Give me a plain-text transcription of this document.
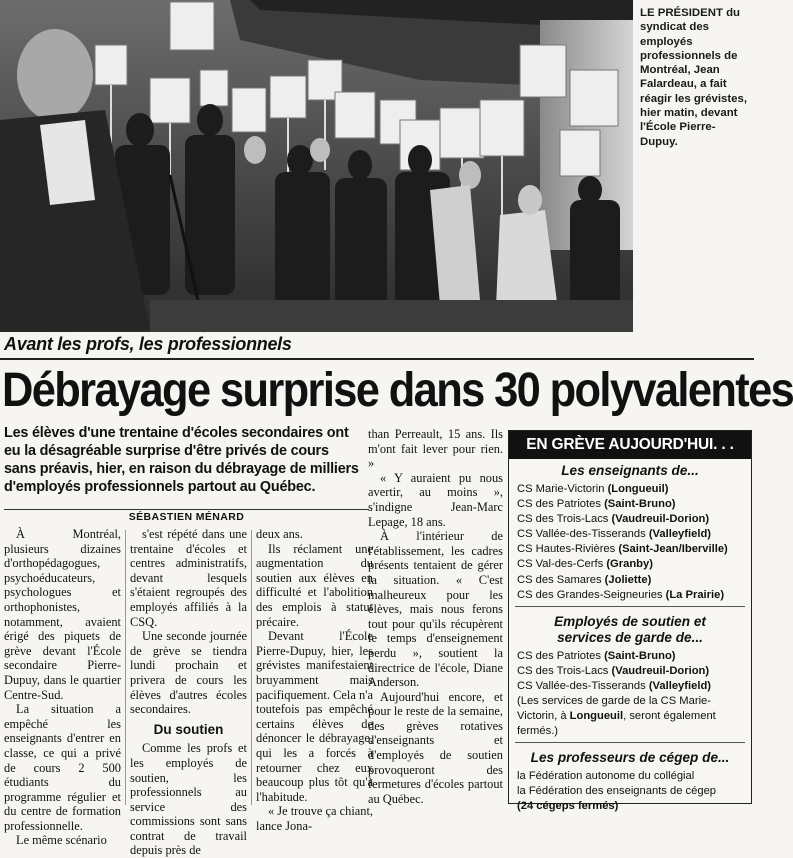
LE PRÉSIDENT du syndicat des employés professionnels de Montréal, Jean Falardeau, a fait réagir les grévistes, hier matin, devant l'École Pierre-Dupuy.
Avant les profs, les professionnels
Débrayage surprise dans 30 polyvalentes
Les élèves d'une trentaine d'écoles secondaires ont eu la désagréable surprise d'être privés de cours sans préavis, hier, en raison du débrayage de milliers d'employés professionnels partout au Québec.
SÉBASTIEN MÉNARD

À Montréal, plusieurs dizaines d'orthopédagogues, psychoéducateurs, psychologues et orthophonistes, notamment, avaient érigé des piquets de grève devant l'École secondaire Pierre-Dupuy, dans le quartier Centre-Sud.

La situation a empêché les enseignants d'entrer en classe, ce qui a privé de cours 2 500 étudiants du programme régulier et du centre de formation professionnelle.

Le même scénario

s'est répété dans une trentaine d'écoles et centres administratifs, devant lesquels s'étaient regroupés des employés affiliés à la CSQ.

Une seconde journée de grève se tiendra lundi prochain et privera de cours les élèves d'autres écoles secondaires.

Du soutien

Comme les profs et les employés de soutien, les professionnels au service des commissions sont sans contrat de travail depuis près de

deux ans.

Ils réclament une augmentation du soutien aux élèves en difficulté et l'abolition des emplois à statut précaire.

Devant l'École Pierre-Dupuy, hier, les grévistes manifestaient bruyamment mais pacifiquement. Cela n'a toutefois pas empêché certains élèves de dénoncer le débrayage, qui les a forcés à retourner chez eux beaucoup plus tôt qu'à l'habitude.

« Je trouve ça chiant, lance Jona-

than Perreault, 15 ans. Ils m'ont fait lever pour rien. »

« Y auraient pu nous avertir, au moins », s'indigne Jean-Marc Lepage, 18 ans.

À l'intérieur de l'établissement, les cadres présents tentaient de gérer la situation. « C'est malheureux pour les élèves, mais nous ferons tout pour qu'ils récupèrent le temps d'enseignement perdu », soutient la directrice de l'école, Diane Anderson.

Aujourd'hui encore, et pour le reste de la semaine, des grèves rotatives d'enseignants et d'employés de soutien provoqueront des fermetures d'écoles partout au Québec.

EN GRÈVE AUJOURD'HUI. . .
Les enseignants de...
CS Marie-Victorin (Longueuil)
CS des Patriotes (Saint-Bruno)
CS des Trois-Lacs (Vaudreuil-Dorion)
CS Vallée-des-Tisserands (Valleyfield)
CS Hautes-Rivières (Saint-Jean/Iberville)
CS Val-des-Cerfs (Granby)
CS des Samares (Joliette)
CS des Grandes-Seigneuries (La Prairie)
Employés de soutien et services de garde de...
CS des Patriotes (Saint-Bruno)
CS des Trois-Lacs (Vaudreuil-Dorion)
CS Vallée-des-Tisserands (Valleyfield)
(Les services de garde de la CS Marie-Victorin, à Longueuil, seront également fermés.)
Les professeurs de cégep de...
la Fédération autonome du collégial
la Fédération des enseignants de cégep
(24 cégeps fermés)
